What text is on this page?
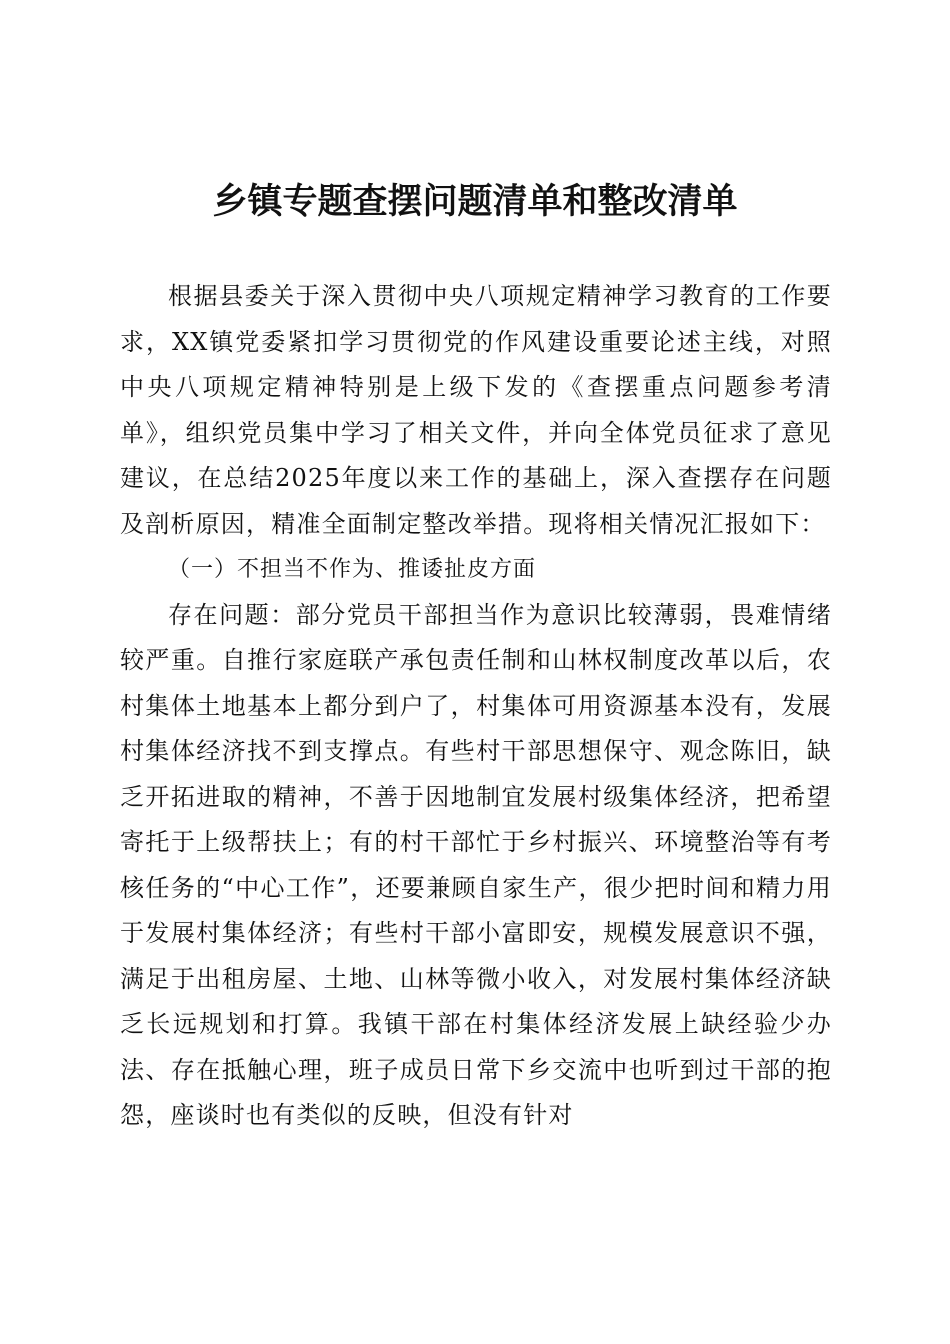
乡镇专题查摆问题清单和整改清单

根据县委关于深入贯彻中央八项规定精神学习教育的工作要求，XX镇党委紧扣学习贯彻党的作风建设重要论述主线，对照中央八项规定精神特别是上级下发的《查摆重点问题参考清单》，组织党员集中学习了相关文件，并向全体党员征求了意见建议，在总结2025年度以来工作的基础上，深入查摆存在问题及剖析原因，精准全面制定整改举措。现将相关情况汇报如下：

（一）不担当不作为、推诿扯皮方面

存在问题：部分党员干部担当作为意识比较薄弱，畏难情绪较严重。自推行家庭联产承包责任制和山林权制度改革以后，农村集体土地基本上都分到户了，村集体可用资源基本没有，发展村集体经济找不到支撑点。有些村干部思想保守、观念陈旧，缺乏开拓进取的精神，不善于因地制宜发展村级集体经济，把希望寄托于上级帮扶上；有的村干部忙于乡村振兴、环境整治等有考核任务的“中心工作”，还要兼顾自家生产，很少把时间和精力用于发展村集体经济；有些村干部小富即安，规模发展意识不强，满足于出租房屋、土地、山林等微小收入，对发展村集体经济缺乏长远规划和打算。我镇干部在村集体经济发展上缺经验少办法、存在抵触心理，班子成员日常下乡交流中也听到过干部的抱怨，座谈时也有类似的反映，但没有针对
